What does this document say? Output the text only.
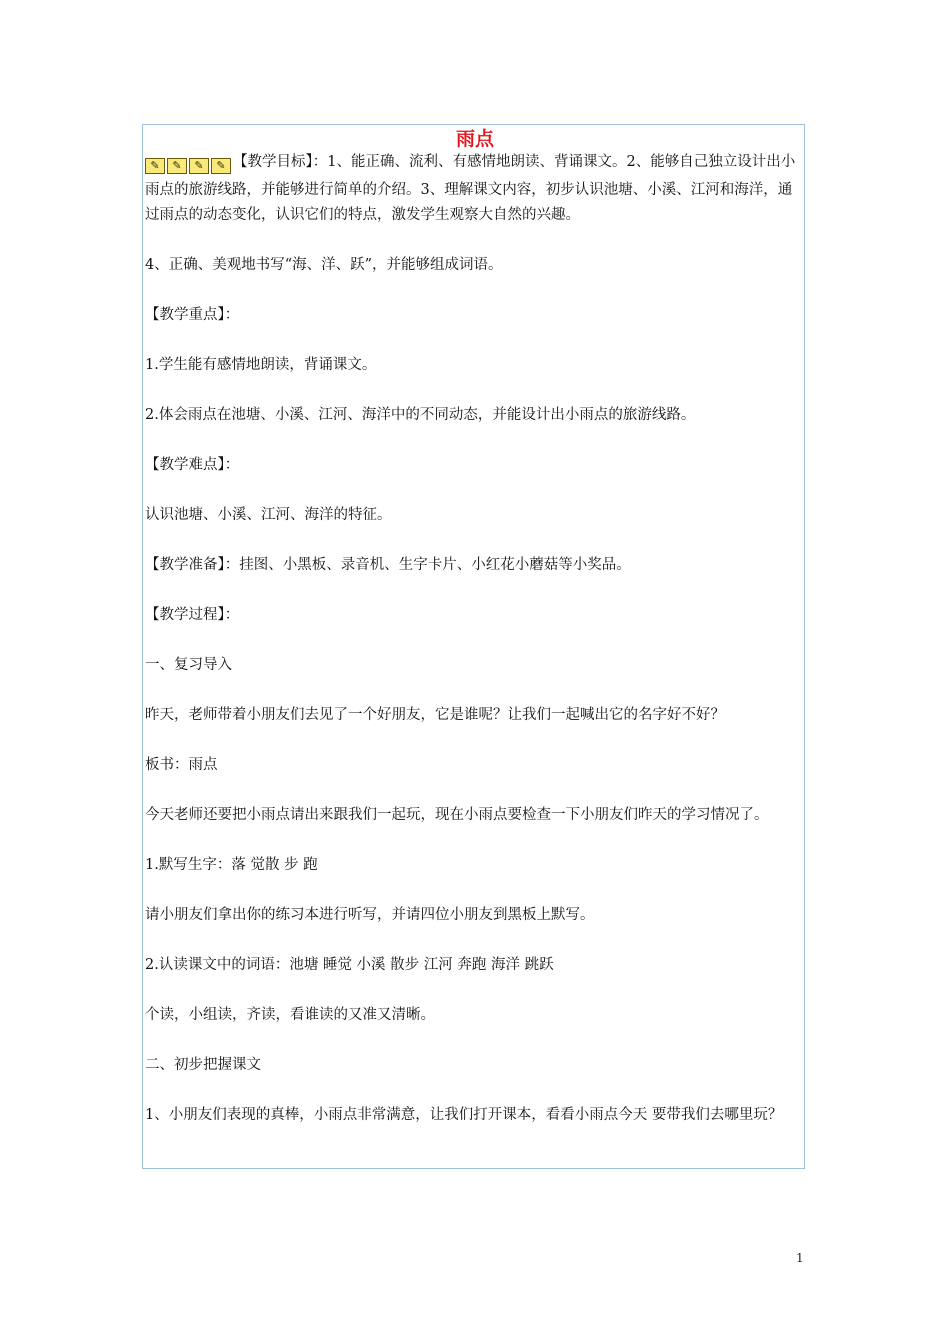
雨点

✎ ✎ ✎ ✎ 【教学目标】：1、能正确、流利、有感情地朗读、背诵课文。2、能够自己独立设计出小雨点的旅游线路，并能够进行简单的介绍。3、理解课文内容，初步认识池塘、小溪、江河和海洋，通过雨点的动态变化，认识它们的特点，激发学生观察大自然的兴趣。

4、正确、美观地书写“海、洋、跃”，并能够组成词语。

【教学重点】：

1.学生能有感情地朗读，背诵课文。

2.体会雨点在池塘、小溪、江河、海洋中的不同动态，并能设计出小雨点的旅游线路。

【教学难点】：

认识池塘、小溪、江河、海洋的特征。

【教学准备】：挂图、小黑板、录音机、生字卡片、小红花小蘑菇等小奖品。

【教学过程】：

一、复习导入

昨天，老师带着小朋友们去见了一个好朋友，它是谁呢？让我们一起喊出它的名字好不好？

板书：雨点

今天老师还要把小雨点请出来跟我们一起玩，现在小雨点要检查一下小朋友们昨天的学习情况了。

1.默写生字：落 觉散 步 跑

请小朋友们拿出你的练习本进行听写，并请四位小朋友到黑板上默写。

2.认读课文中的词语：池塘 睡觉 小溪 散步 江河 奔跑 海洋 跳跃

个读，小组读，齐读，看谁读的又准又清晰。

二、初步把握课文

1、小朋友们表现的真棒，小雨点非常满意，让我们打开课本，看看小雨点今天 要带我们去哪里玩？

1
